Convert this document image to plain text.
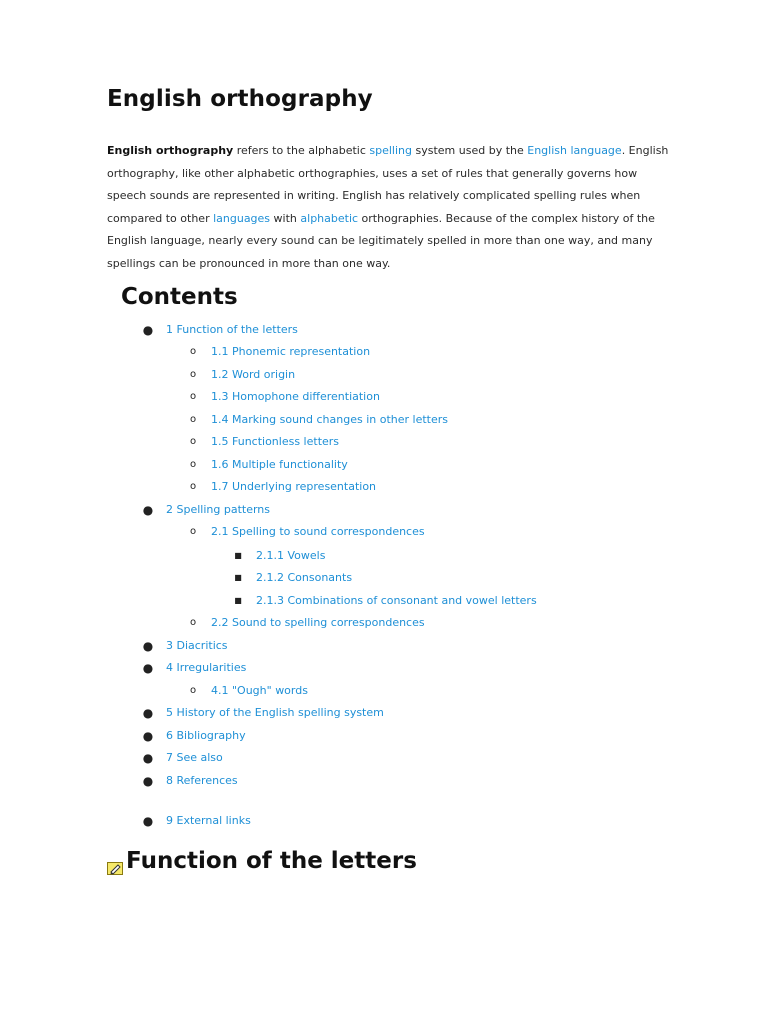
English orthography

English orthography refers to the alphabetic spelling system used by the English language. English orthography, like other alphabetic orthographies, uses a set of rules that generally governs how speech sounds are represented in writing. English has relatively complicated spelling rules when compared to other languages with alphabetic orthographies. Because of the complex history of the English language, nearly every sound can be legitimately spelled in more than one way, and many spellings can be pronounced in more than one way.

Contents
● 1 Function of the letters
o 1.1 Phonemic representation
o 1.2 Word origin
o 1.3 Homophone differentiation
o 1.4 Marking sound changes in other letters
o 1.5 Functionless letters
o 1.6 Multiple functionality
o 1.7 Underlying representation
● 2 Spelling patterns
o 2.1 Spelling to sound correspondences
■ 2.1.1 Vowels
■ 2.1.2 Consonants
■ 2.1.3 Combinations of consonant and vowel letters
o 2.2 Sound to spelling correspondences
● 3 Diacritics
● 4 Irregularities
o 4.1 "Ough" words
● 5 History of the English spelling system
● 6 Bibliography
● 7 See also
● 8 References
● 9 External links
Function of the letters
